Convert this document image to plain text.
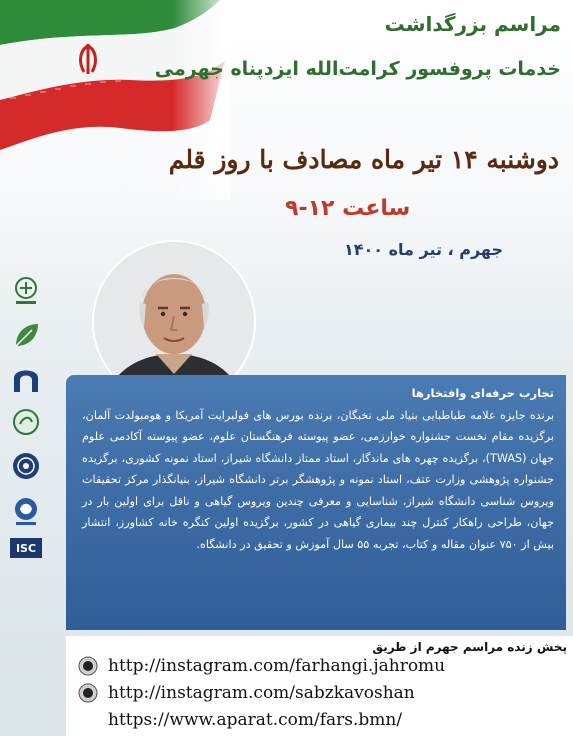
مراسم بزرگداشت
خدمات پروفسور کرامت‌الله ایزدپناه جهرمی
دوشنبه ۱۴ تیر ماه مصادف با روز قلم
ساعت ۱۲-۹
جهرم ، تیر ماه ۱۴۰۰
ISC
تجارب حرفه‌ای وافتخارها
برنده جایزه علامه طباطبایی بنیاد ملی نخبگان، برنده بورس های فولبرایت آمریکا و هومبولدت آلمان، برگزیده مقام نخست جشنواره خوارزمی، عضو پیوسته فرهنگستان علوم، عضو پیوسته آکادمی علوم جهان (TWAS)، برگزیده چهره های ماندگار، استاد ممتاز دانشگاه شیراز، استاد نمونه کشوری، برگزیده جشنواره پژوهشی وزارت عتف، استاد نمونه و پژوهشگر برتر دانشگاه شیراز، بنیانگذار مرکز تحقیقات ویروس شناسی دانشگاه شیراز، شناسایی و معرفی چندین ویروس گیاهی و ناقل برای اولین بار در جهان، طراحی راهکار کنترل چند بیماری گیاهی در کشور، برگزیده اولین کنگره خانه کشاورز، انتشار بیش از ۷۵۰ عنوان مقاله و کتاب، تجربه ۵۵ سال آموزش و تحقیق در دانشگاه.
پخش زنده مراسم جهرم از طریق
http://instagram.com/farhangi.jahromu
http://instagram.com/sabzkavoshan
https://www.aparat.com/fars.bmn/
